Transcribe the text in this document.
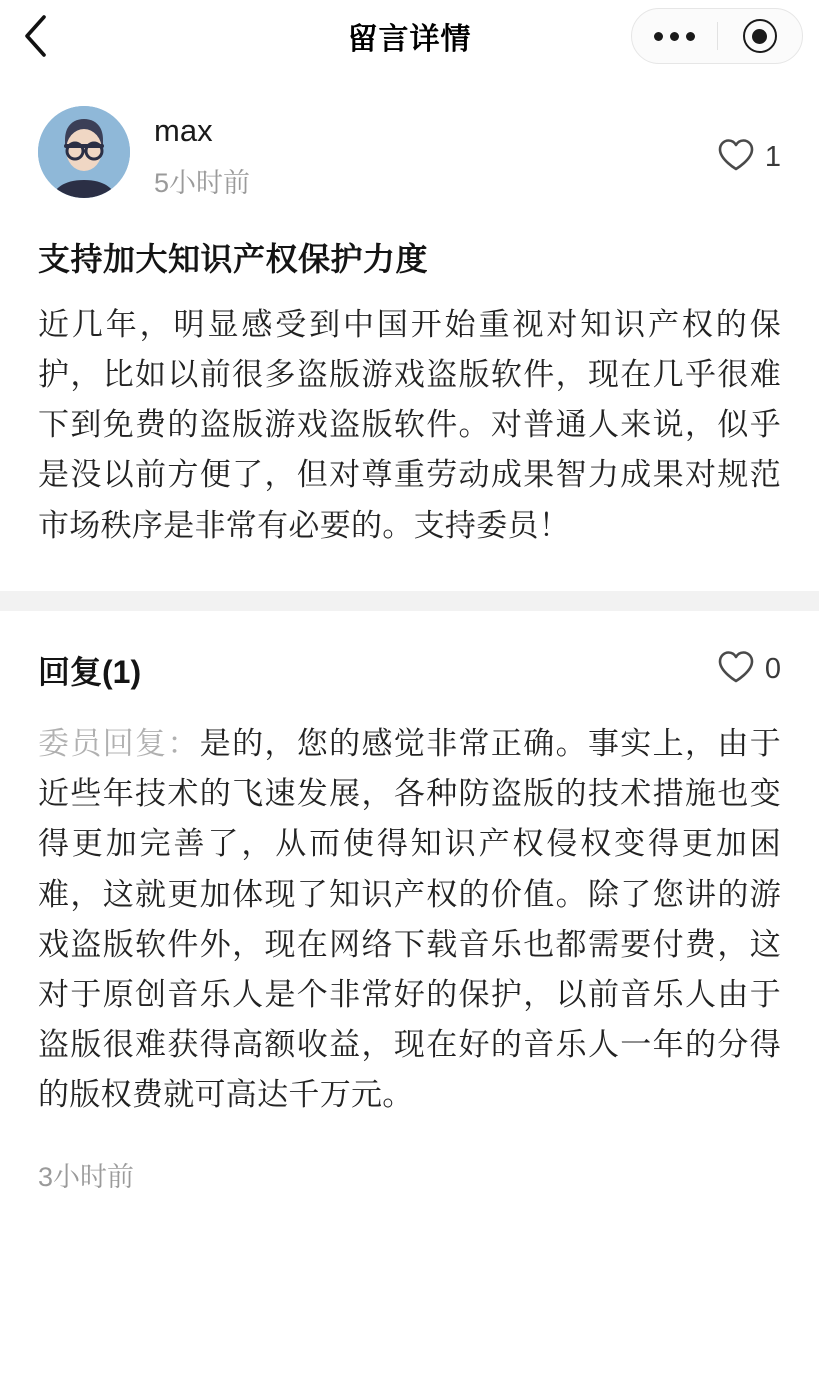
留言详情
max
5小时前
1
支持加大知识产权保护力度
近几年，明显感受到中国开始重视对知识产权的保护，比如以前很多盗版游戏盗版软件，现在几乎很难下到免费的盗版游戏盗版软件。对普通人来说，似乎是没以前方便了，但对尊重劳动成果智力成果对规范市场秩序是非常有必要的。支持委员！
回复(1)	0
委员回复：是的，您的感觉非常正确。事实上，由于近些年技术的飞速发展，各种防盗版的技术措施也变得更加完善了，从而使得知识产权侵权变得更加困难，这就更加体现了知识产权的价值。除了您讲的游戏盗版软件外，现在网络下载音乐也都需要付费，这对于原创音乐人是个非常好的保护，以前音乐人由于盗版很难获得高额收益，现在好的音乐人一年的分得的版权费就可高达千万元。
3小时前
